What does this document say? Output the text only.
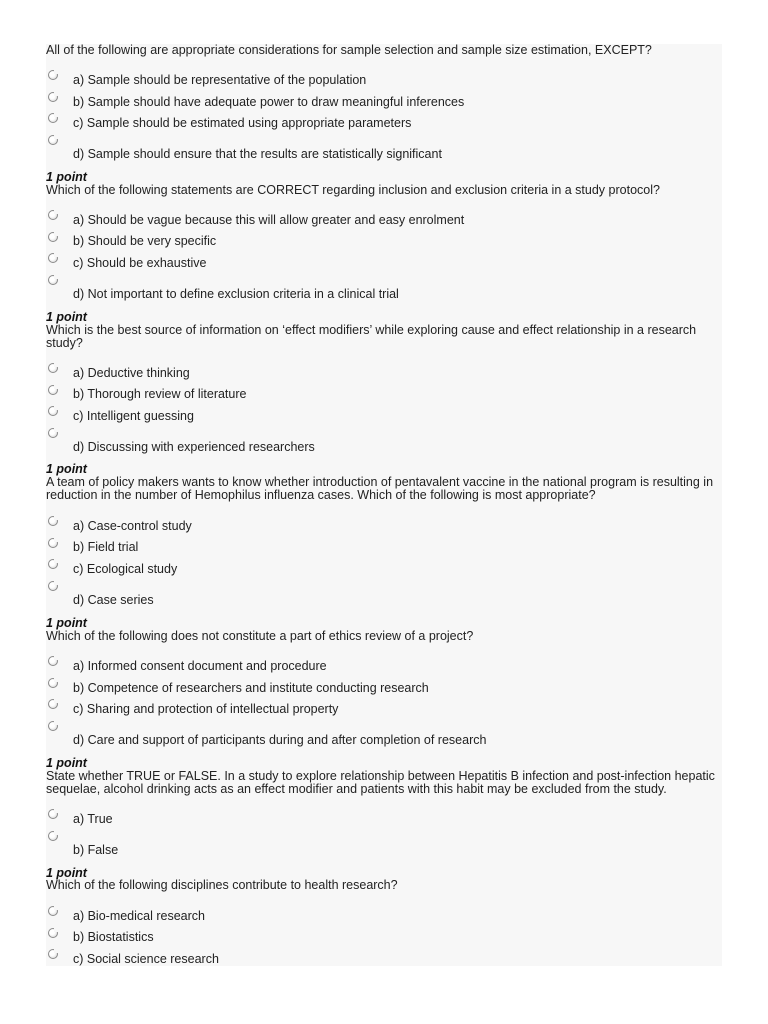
All of the following are appropriate considerations for sample selection and sample size estimation, EXCEPT?
a) Sample should be representative of the population
b) Sample should have adequate power to draw meaningful inferences
c) Sample should be estimated using appropriate parameters
d) Sample should ensure that the results are statistically significant
1 point
Which of the following statements are CORRECT regarding inclusion and exclusion criteria in a study protocol?
a) Should be vague because this will allow greater and easy enrolment
b) Should be very specific
c) Should be exhaustive
d) Not important to define exclusion criteria in a clinical trial
1 point
Which is the best source of information on ‘effect modifiers’ while exploring cause and effect relationship in a research study?
a) Deductive thinking
b) Thorough review of literature
c) Intelligent guessing
d) Discussing with experienced researchers
1 point
A team of policy makers wants to know whether introduction of pentavalent vaccine in the national program is resulting in reduction in the number of Hemophilus influenza cases. Which of the following is most appropriate?
a) Case-control study
b) Field trial
c) Ecological study
d) Case series
1 point
Which of the following does not constitute a part of ethics review of a project?
a) Informed consent document and procedure
b) Competence of researchers and institute conducting research
c) Sharing and protection of intellectual property
d) Care and support of participants during and after completion of research
1 point
State whether TRUE or FALSE. In a study to explore relationship between Hepatitis B infection and post-infection hepatic sequelae, alcohol drinking acts as an effect modifier and patients with this habit may be excluded from the study.
a) True
b) False
1 point
Which of the following disciplines contribute to health research?
a) Bio-medical research
b) Biostatistics
c) Social science research
